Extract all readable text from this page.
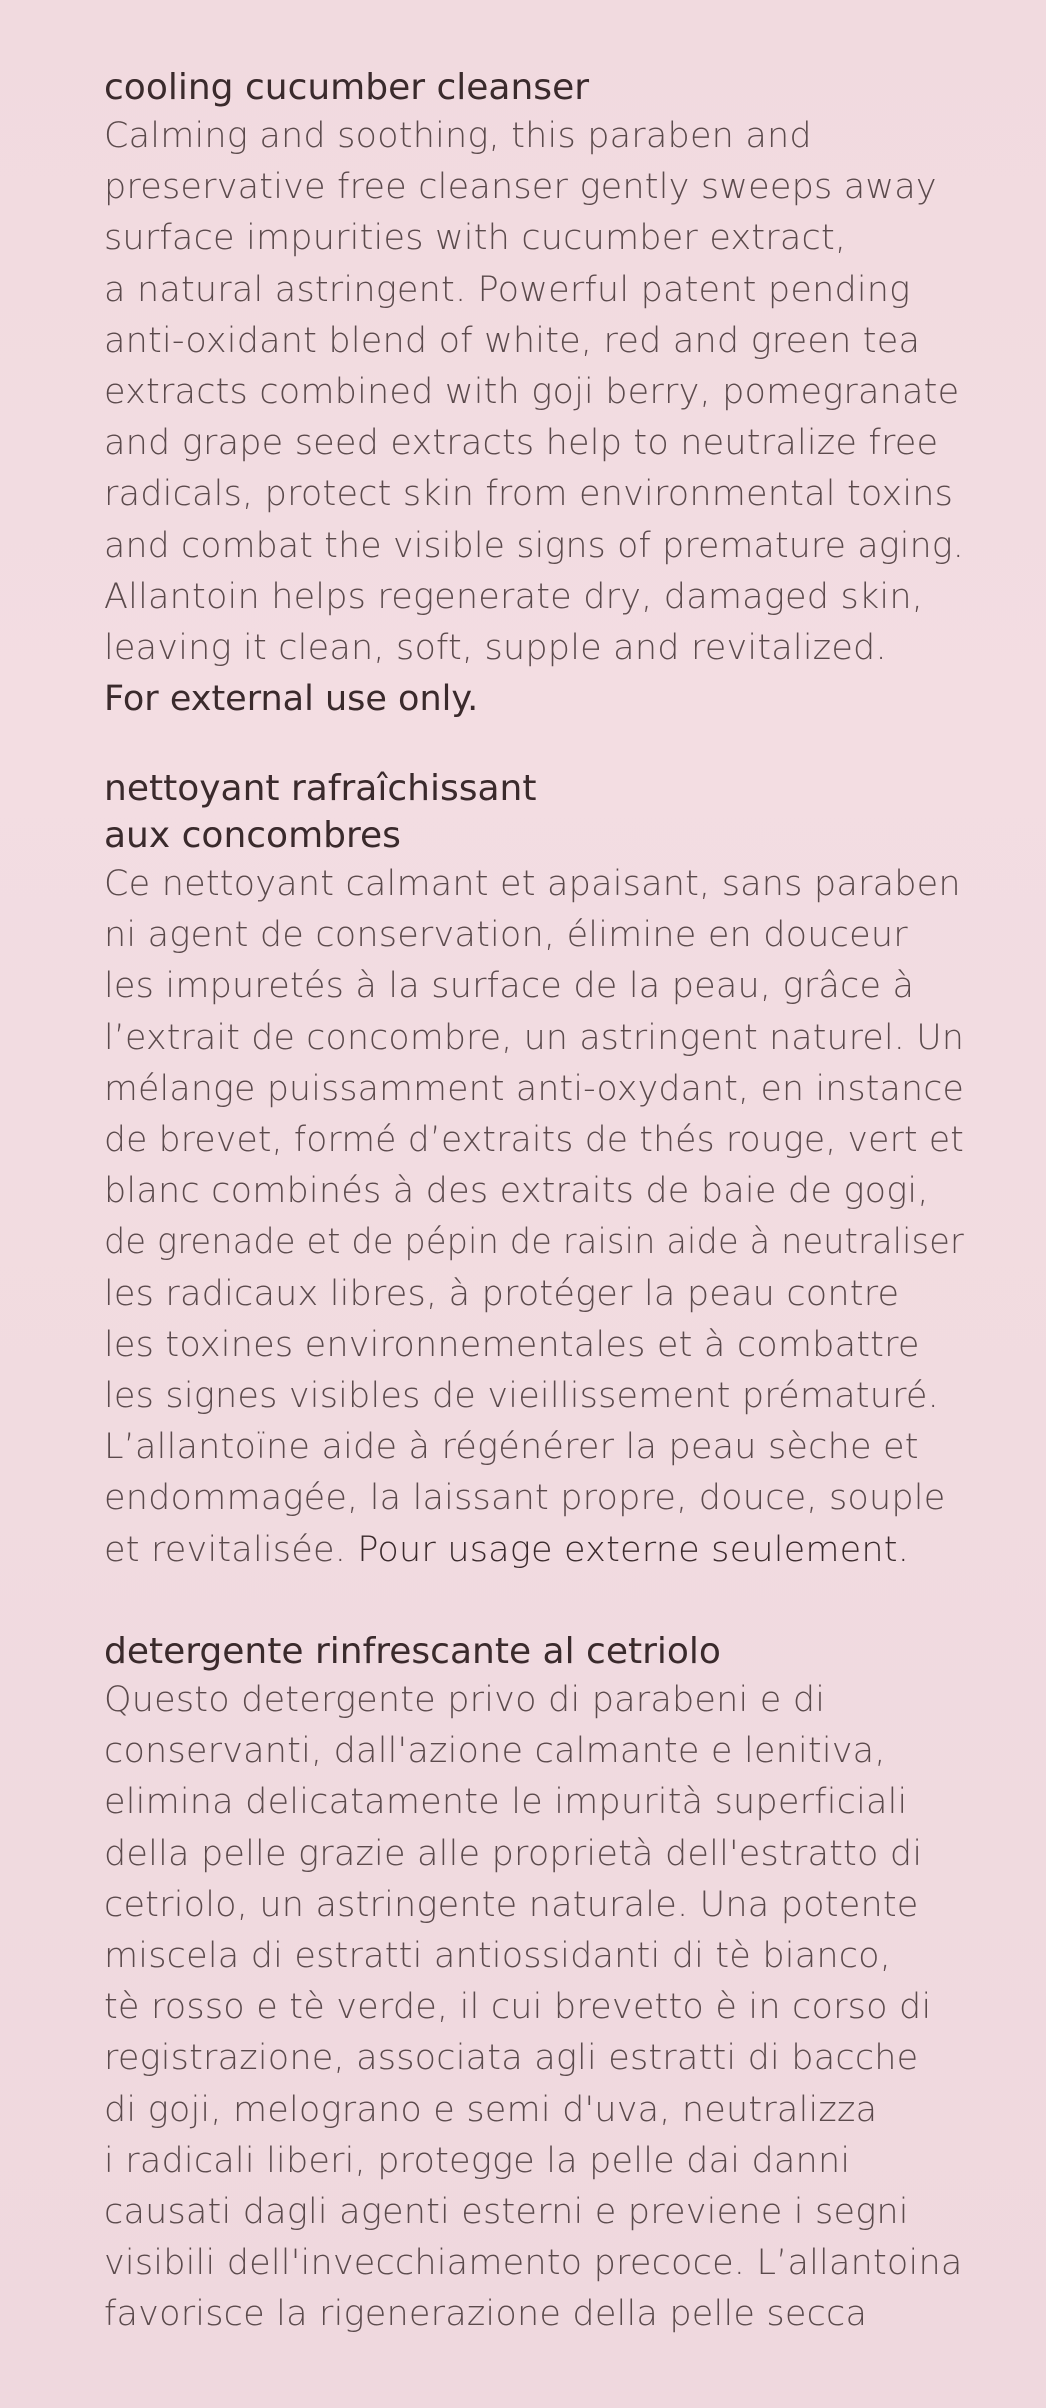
cooling cucumber cleanser
Calming and soothing, this paraben and
preservative free cleanser gently sweeps away
surface impurities with cucumber extract,
a natural astringent. Powerful patent pending
anti-oxidant blend of white, red and green tea
extracts combined with goji berry, pomegranate
and grape seed extracts help to neutralize free
radicals, protect skin from environmental toxins
and combat the visible signs of premature aging.
Allantoin helps regenerate dry, damaged skin,
leaving it clean, soft, supple and revitalized.
For external use only.
nettoyant rafraîchissant
aux concombres
Ce nettoyant calmant et apaisant, sans paraben
ni agent de conservation, élimine en douceur
les impuretés à la surface de la peau, grâce à
l’extrait de concombre, un astringent naturel. Un
mélange puissamment anti-oxydant, en instance
de brevet, formé d’extraits de thés rouge, vert et
blanc combinés à des extraits de baie de gogi,
de grenade et de pépin de raisin aide à neutraliser
les radicaux libres, à protéger la peau contre
les toxines environnementales et à combattre
les signes visibles de vieillissement prématuré.
L’allantoïne aide à régénérer la peau sèche et
endommagée, la laissant propre, douce, souple
et revitalisée. Pour usage externe seulement.
detergente rinfrescante al cetriolo
Questo detergente privo di parabeni e di
conservanti, dall'azione calmante e lenitiva,
elimina delicatamente le impurità superficiali
della pelle grazie alle proprietà dell'estratto di
cetriolo, un astringente naturale. Una potente
miscela di estratti antiossidanti di tè bianco,
tè rosso e tè verde, il cui brevetto è in corso di
registrazione, associata agli estratti di bacche
di goji, melograno e semi d'uva, neutralizza
i radicali liberi, protegge la pelle dai danni
causati dagli agenti esterni e previene i segni
visibili dell'invecchiamento precoce. L’allantoina
favorisce la rigenerazione della pelle secca
